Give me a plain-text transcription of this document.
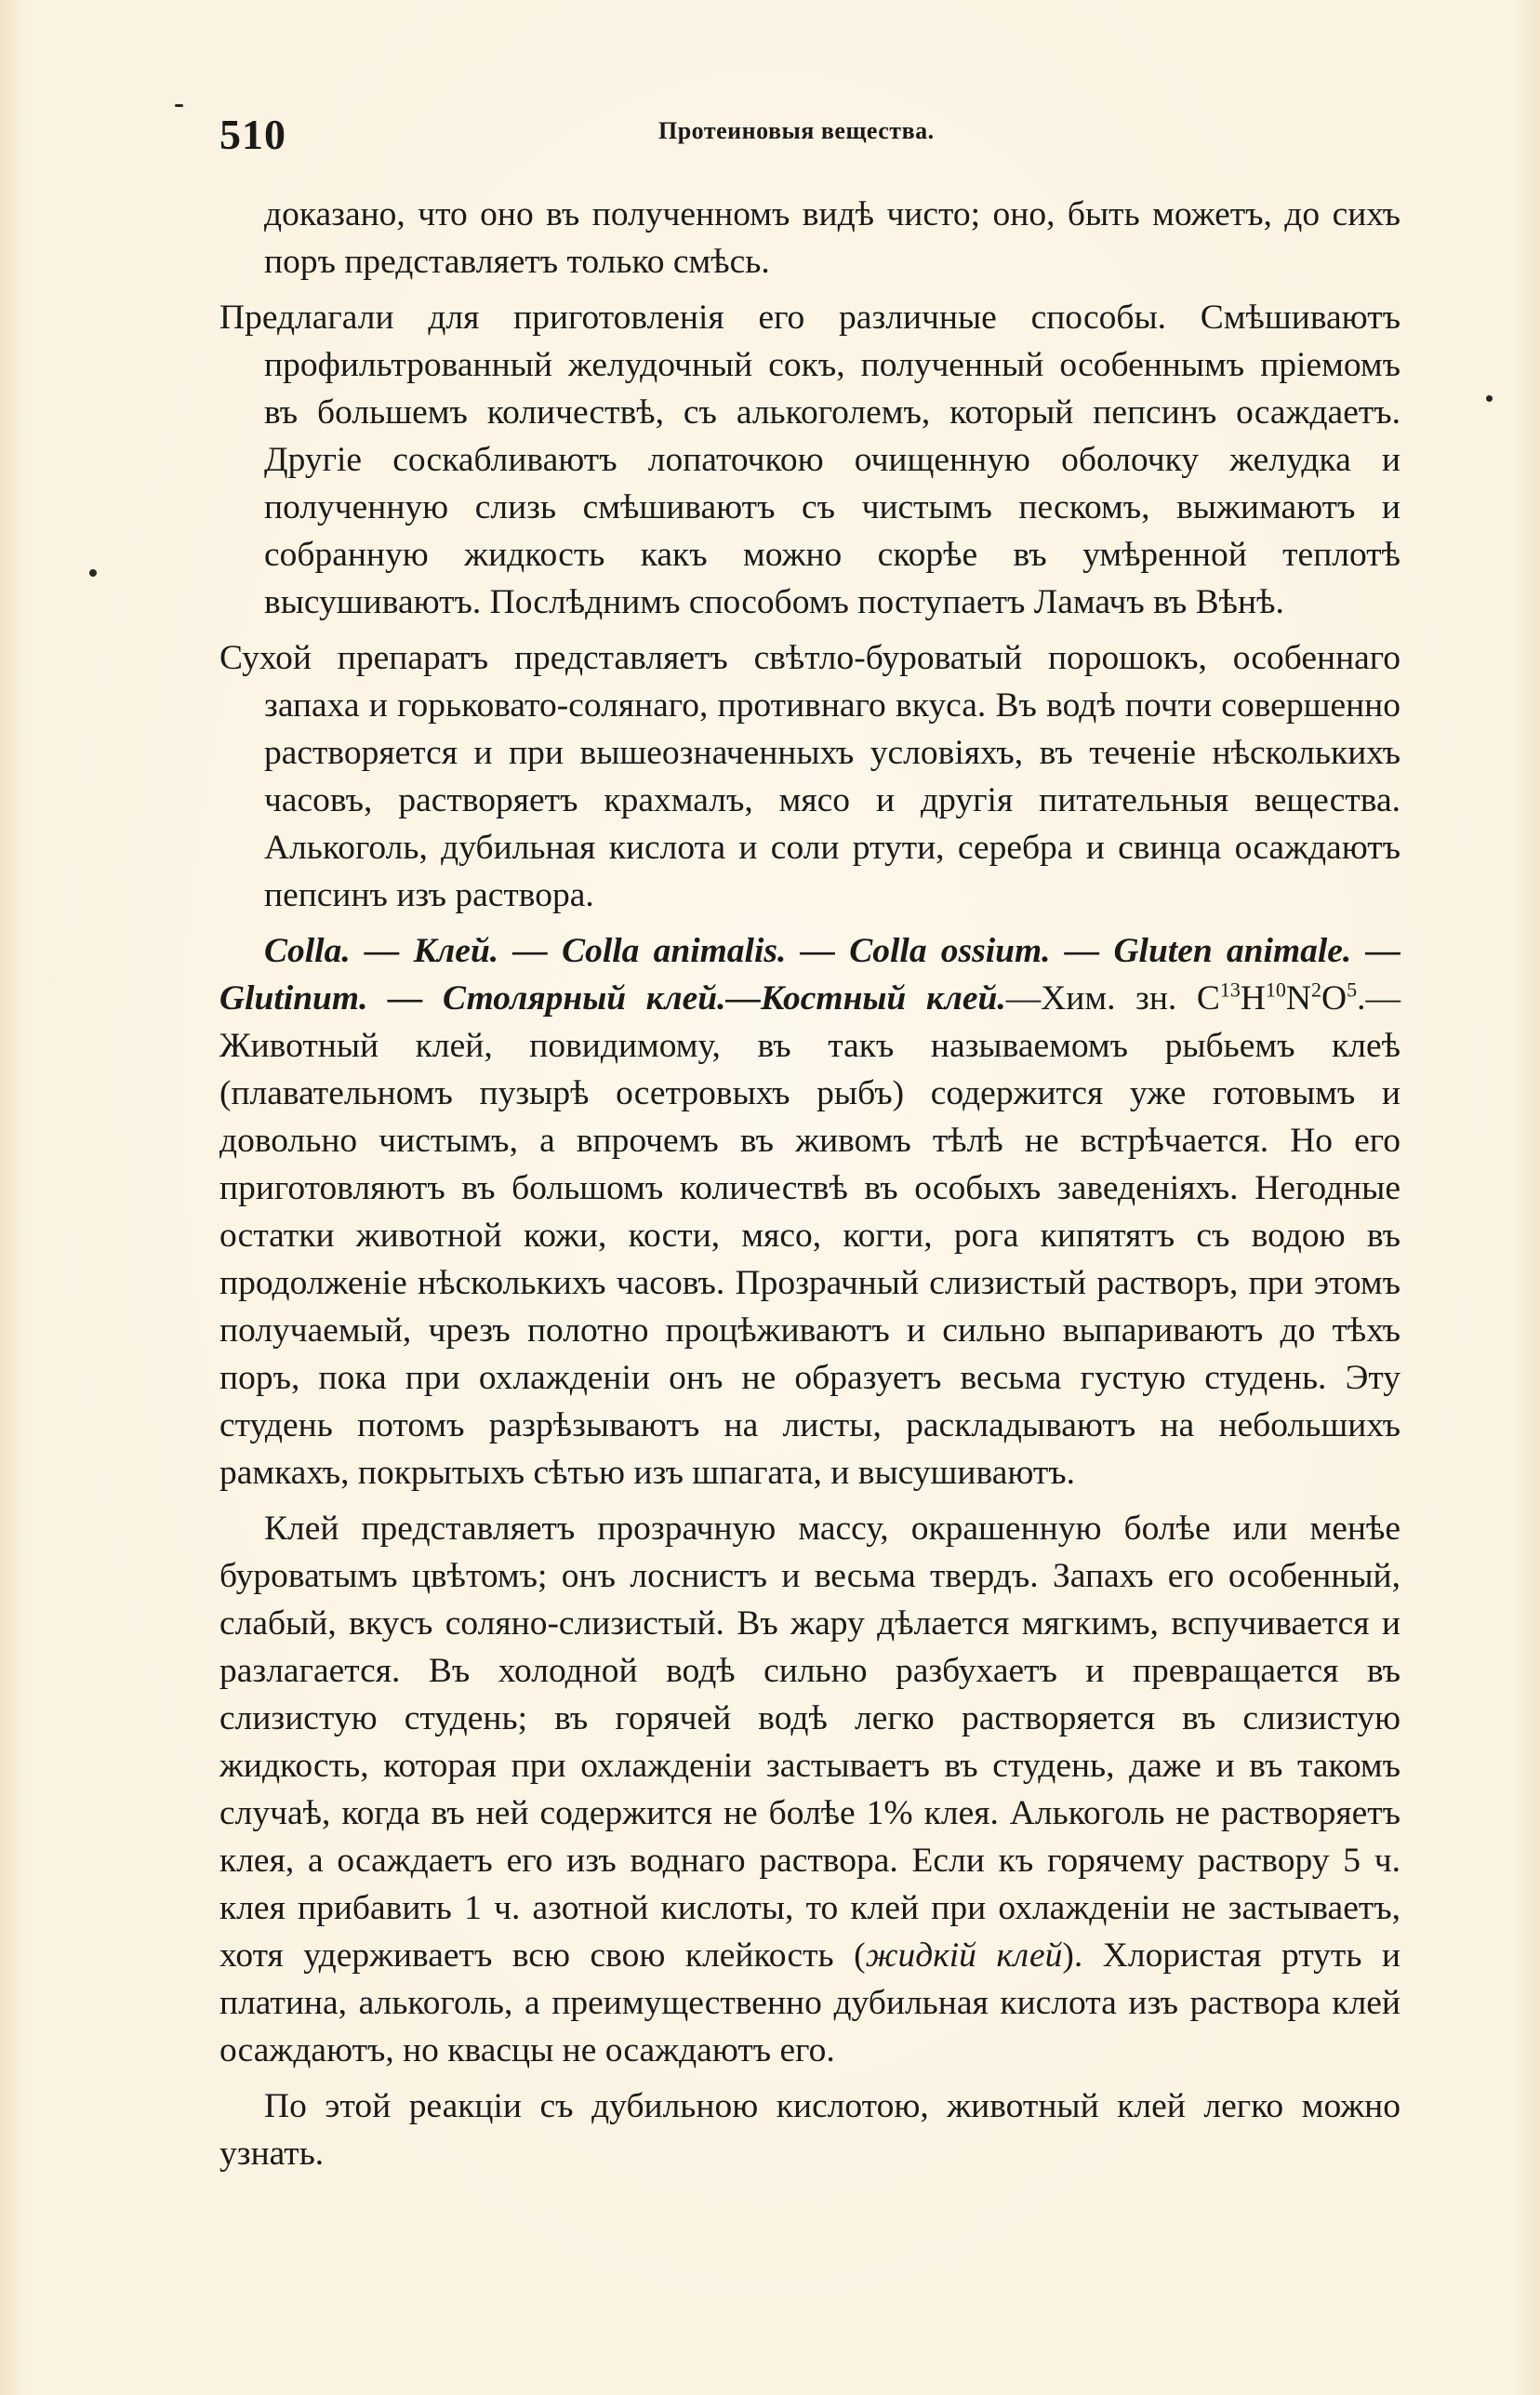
510	Протеиновыя вещества.

доказано, что оно въ полученномъ видѣ чисто; оно, быть можетъ, до сихъ поръ представляетъ только смѣсь.

Предлагали для приготовленія его различные способы. Смѣшиваютъ профильтрованный желудочный сокъ, полученный особеннымъ пріемомъ въ большемъ количествѣ, съ алькоголемъ, который пепсинъ осаждаетъ. Другіе соскабливаютъ лопаточкою очищенную оболочку желудка и полученную слизь смѣшиваютъ съ чистымъ пескомъ, выжимаютъ и собранную жидкость какъ можно скорѣе въ умѣренной теплотѣ высушиваютъ. Послѣднимъ способомъ поступаетъ Ламачъ въ Вѣнѣ.

Сухой препаратъ представляетъ свѣтло-буроватый порошокъ, особеннаго запаха и горьковато-солянаго, противнаго вкуса. Въ водѣ почти совершенно растворяется и при вышеозначенныхъ условіяхъ, въ теченіе нѣсколькихъ часовъ, растворяетъ крахмалъ, мясо и другія питательныя вещества. Алькоголь, дубильная кислота и соли ртути, серебра и свинца осаждаютъ пепсинъ изъ раствора.

Colla. — Клей. — Colla animalis. — Colla ossium. — Gluten animale. — Glutinum. — Столярный клей.—Костный клей.—Хим. зн. $C^{13}H^{10}N^2O^5.—Животный$ клей, повидимому, въ такъ называемомъ рыбьемъ клеѣ (плавательномъ пузырѣ осетровыхъ рыбъ) содержится уже готовымъ и довольно чистымъ, а впрочемъ въ живомъ тѣлѣ не встрѣчается. Но его приготовляютъ въ большомъ количествѣ въ особыхъ заведеніяхъ. Негодные остатки животной кожи, кости, мясо, когти, рога кипятятъ съ водою въ продолженіе нѣсколькихъ часовъ. Прозрачный слизистый растворъ, при этомъ получаемый, чрезъ полотно процѣживаютъ и сильно выпариваютъ до тѣхъ поръ, пока при охлажденіи онъ не образуетъ весьма густую студень. Эту студень потомъ разрѣзываютъ на листы, раскладываютъ на небольшихъ рамкахъ, покрытыхъ сѣтью изъ шпагата, и высушиваютъ.

Клей представляетъ прозрачную массу, окрашенную болѣе или менѣе буроватымъ цвѣтомъ; онъ лоснистъ и весьма твердъ. Запахъ его особенный, слабый, вкусъ соляно-слизистый. Въ жару дѣлается мягкимъ, вспучивается и разлагается. Въ холодной водѣ сильно разбухаетъ и превращается въ слизистую студень; въ горячей водѣ легко растворяется въ слизистую жидкость, которая при охлажденіи застываетъ въ студень, даже и въ такомъ случаѣ, когда въ ней содержится не болѣе 1% клея. Алькоголь не растворяетъ клея, а осаждаетъ его изъ воднаго раствора. Если къ горячему раствору 5 ч. клея прибавить 1 ч. азотной кислоты, то клей при охлажденіи не застываетъ, хотя удерживаетъ всю свою клейкость (жидкій клей). Хлористая ртуть и платина, алькоголь, а преимущественно дубильная кислота изъ раствора клей осаждаютъ, но квасцы не осаждаютъ его.

По этой реакціи съ дубильною кислотою, животный клей легко можно узнать.
